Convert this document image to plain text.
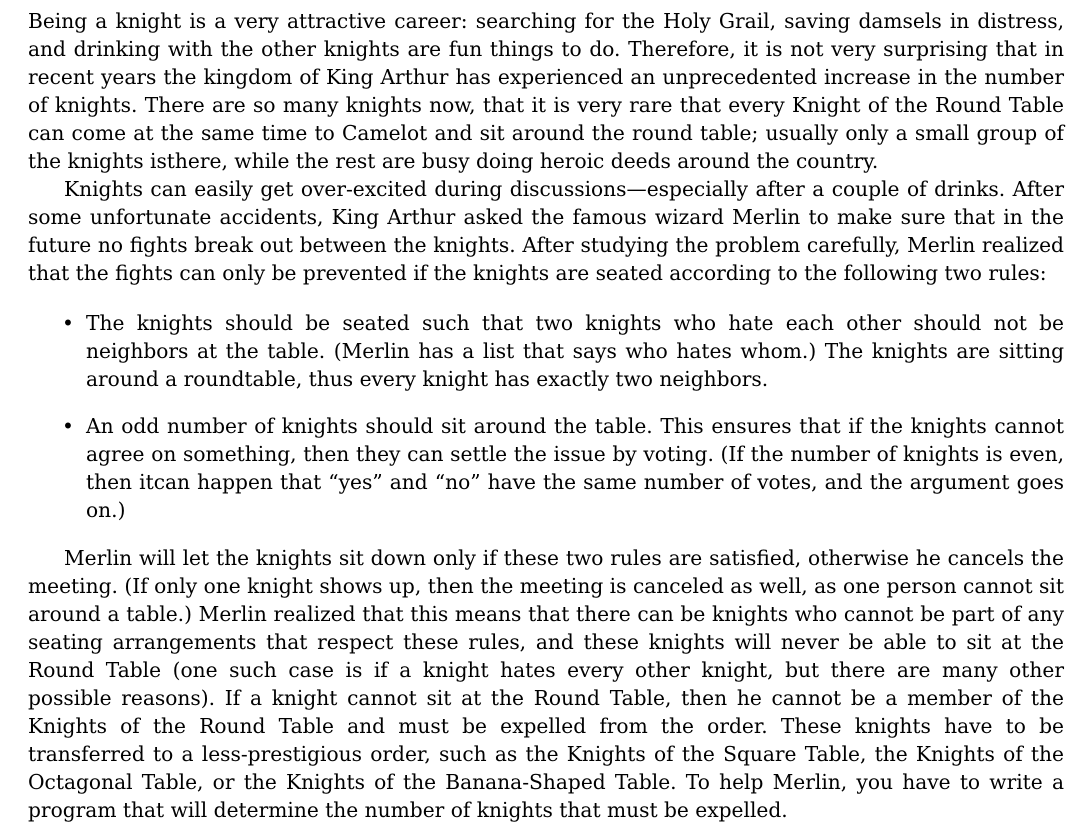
Being a knight is a very attractive career: searching for the Holy Grail, saving damsels in distress, and drinking with the other knights are fun things to do. Therefore, it is not very surprising that in recent years the kingdom of King Arthur has experienced an unprecedented increase in the number of knights. There are so many knights now, that it is very rare that every Knight of the Round Table can come at the same time to Camelot and sit around the round table; usually only a small group of the knights isthere, while the rest are busy doing heroic deeds around the country.

Knights can easily get over-excited during discussions—especially after a couple of drinks. After some unfortunate accidents, King Arthur asked the famous wizard Merlin to make sure that in the future no fights break out between the knights. After studying the problem carefully, Merlin realized that the fights can only be prevented if the knights are seated according to the following two rules:

• The knights should be seated such that two knights who hate each other should not be neighbors at the table. (Merlin has a list that says who hates whom.) The knights are sitting around a roundtable, thus every knight has exactly two neighbors.
• An odd number of knights should sit around the table. This ensures that if the knights cannot agree on something, then they can settle the issue by voting. (If the number of knights is even, then itcan happen that “yes” and “no” have the same number of votes, and the argument goes on.)

Merlin will let the knights sit down only if these two rules are satisfied, otherwise he cancels the meeting. (If only one knight shows up, then the meeting is canceled as well, as one person cannot sit around a table.) Merlin realized that this means that there can be knights who cannot be part of any seating arrangements that respect these rules, and these knights will never be able to sit at the Round Table (one such case is if a knight hates every other knight, but there are many other possible reasons). If a knight cannot sit at the Round Table, then he cannot be a member of the Knights of the Round Table and must be expelled from the order. These knights have to be transferred to a less-prestigious order, such as the Knights of the Square Table, the Knights of the Octagonal Table, or the Knights of the Banana-Shaped Table. To help Merlin, you have to write a program that will determine the number of knights that must be expelled.
